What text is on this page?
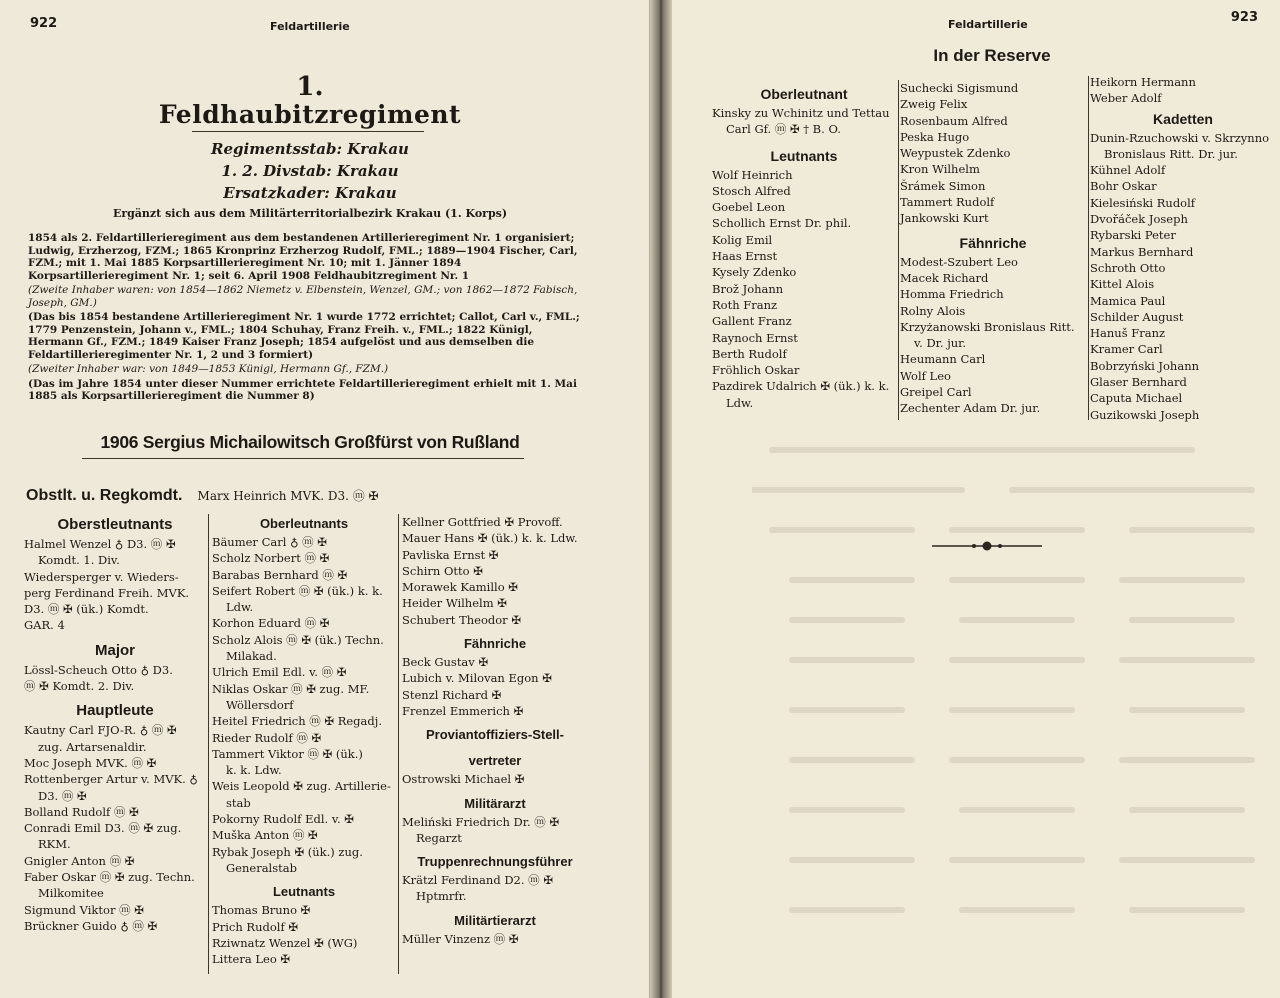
922	Feldartillerie
1.
Feldhaubitzregiment
Regimentsstab: Krakau
1. 2. Divstab: Krakau
Ersatzkader: Krakau
Ergänzt sich aus dem Militärterritorialbezirk Krakau (1. Korps)
1854 als 2. Feldartillerieregiment aus dem bestandenen Artillerieregiment Nr. 1 organisiert; Ludwig, Erzherzog, FZM.; 1865 Kronprinz Erzherzog Rudolf, FML.; 1889—1904 Fischer, Carl, FZM.; mit 1. Mai 1885 Korpsartillerieregiment Nr. 10; mit 1. Jänner 1894 Korpsartillerieregiment Nr. 1; seit 6. April 1908 Feldhaubitzregiment Nr. 1
(Zweite Inhaber waren: von 1854—1862 Niemetz v. Elbenstein, Wenzel, GM.; von 1862—1872 Fabisch, Joseph, GM.)
(Das bis 1854 bestandene Artillerieregiment Nr. 1 wurde 1772 errichtet; Callot, Carl v., FML.; 1779 Penzenstein, Johann v., FML.; 1804 Schuhay, Franz Freih. v., FML.; 1822 Künigl, Hermann Gf., FZM.; 1849 Kaiser Franz Joseph; 1854 aufgelöst und aus demselben die Feldartillerieregimenter Nr. 1, 2 und 3 formiert)
(Zweiter Inhaber war: von 1849—1853 Künigl, Hermann Gf., FZM.)
(Das im Jahre 1854 unter dieser Nummer errichtete Feldartillerieregiment erhielt mit 1. Mai 1885 als Korpsartillerieregiment die Nummer 8)
1906 Sergius Michailowitsch Großfürst von Rußland
Obstlt. u. Regkomdt. Marx Heinrich MVK. D3. ⓜ ✠
Oberstleutnants
Halmel Wenzel ♁ D3. ⓜ ✠
Komdt. 1. Div.
Wiedersperger v. Wieders-
perg Ferdinand Freih. MVK.
D3. ⓜ ✠ (ük.) Komdt.
GAR. 4
Major
Lössl-Scheuch Otto ♁ D3.
ⓜ ✠ Komdt. 2. Div.
Hauptleute
Kautny Carl FJO-R. ♁ ⓜ ✠
zug. Artarsenaldir.
Moc Joseph MVK. ⓜ ✠
Rottenberger Artur v. MVK. ♁
D3. ⓜ ✠
Bolland Rudolf ⓜ ✠
Conradi Emil D3. ⓜ ✠ zug.
RKM.
Gnigler Anton ⓜ ✠
Faber Oskar ⓜ ✠ zug. Techn.
Milkomitee
Sigmund Viktor ⓜ ✠
Brückner Guido ♁ ⓜ ✠
Oberleutnants
Bäumer Carl ♁ ⓜ ✠
Scholz Norbert ⓜ ✠
Barabas Bernhard ⓜ ✠
Seifert Robert ⓜ ✠ (ük.) k. k.
Ldw.
Korhon Eduard ⓜ ✠
Scholz Alois ⓜ ✠ (ük.) Techn.
Milakad.
Ulrich Emil Edl. v. ⓜ ✠
Niklas Oskar ⓜ ✠ zug. MF.
Wöllersdorf
Heitel Friedrich ⓜ ✠ Regadj.
Rieder Rudolf ⓜ ✠
Tammert Viktor ⓜ ✠ (ük.)
k. k. Ldw.
Weis Leopold ✠ zug. Artillerie-
stab
Pokorny Rudolf Edl. v. ✠
Muška Anton ⓜ ✠
Rybak Joseph ✠ (ük.) zug.
Generalstab
Leutnants
Thomas Bruno ✠
Prich Rudolf ✠
Rziwnatz Wenzel ✠ (WG)
Littera Leo ✠
Kellner Gottfried ✠ Provoff.
Mauer Hans ✠ (ük.) k. k. Ldw.
Pavliska Ernst ✠
Schirn Otto ✠
Morawek Kamillo ✠
Heider Wilhelm ✠
Schubert Theodor ✠
Fähnriche
Beck Gustav ✠
Lubich v. Milovan Egon ✠
Stenzl Richard ✠
Frenzel Emmerich ✠
Proviantoffiziers-Stell-
vertreter
Ostrowski Michael ✠
Militärarzt
Meliński Friedrich Dr. ⓜ ✠
Regarzt
Truppenrechnungsführer
Krätzl Ferdinand D2. ⓜ ✠
Hptmrfr.
Militärtierarzt
Müller Vinzenz ⓜ ✠
923
Feldartillerie
In der Reserve
Oberleutnant
Kinsky zu Wchinitz und Tettau
Carl Gf. ⓜ ✠ † B. O.
Leutnants
Wolf Heinrich
Stosch Alfred
Goebel Leon
Schollich Ernst Dr. phil.
Kolig Emil
Haas Ernst
Kysely Zdenko
Brož Johann
Roth Franz
Gallent Franz
Raynoch Ernst
Berth Rudolf
Fröhlich Oskar
Pazdirek Udalrich ✠ (ük.) k. k.
Ldw.
Suchecki Sigismund
Zweig Felix
Rosenbaum Alfred
Peska Hugo
Weypustek Zdenko
Kron Wilhelm
Šrámek Simon
Tammert Rudolf
Jankowski Kurt
Fähnriche
Modest-Szubert Leo
Macek Richard
Homma Friedrich
Rolny Alois
Krzyżanowski Bronislaus Ritt.
v. Dr. jur.
Heumann Carl
Wolf Leo
Greipel Carl
Zechenter Adam Dr. jur.
Heikorn Hermann
Weber Adolf
Kadetten
Dunin-Rzuchowski v. Skrzynno
Bronislaus Ritt. Dr. jur.
Kühnel Adolf
Bohr Oskar
Kielesiński Rudolf
Dvořáček Joseph
Rybarski Peter
Markus Bernhard
Schroth Otto
Kittel Alois
Mamica Paul
Schilder August
Hanuš Franz
Kramer Carl
Bobrzyński Johann
Glaser Bernhard
Caputa Michael
Guzikowski Joseph
